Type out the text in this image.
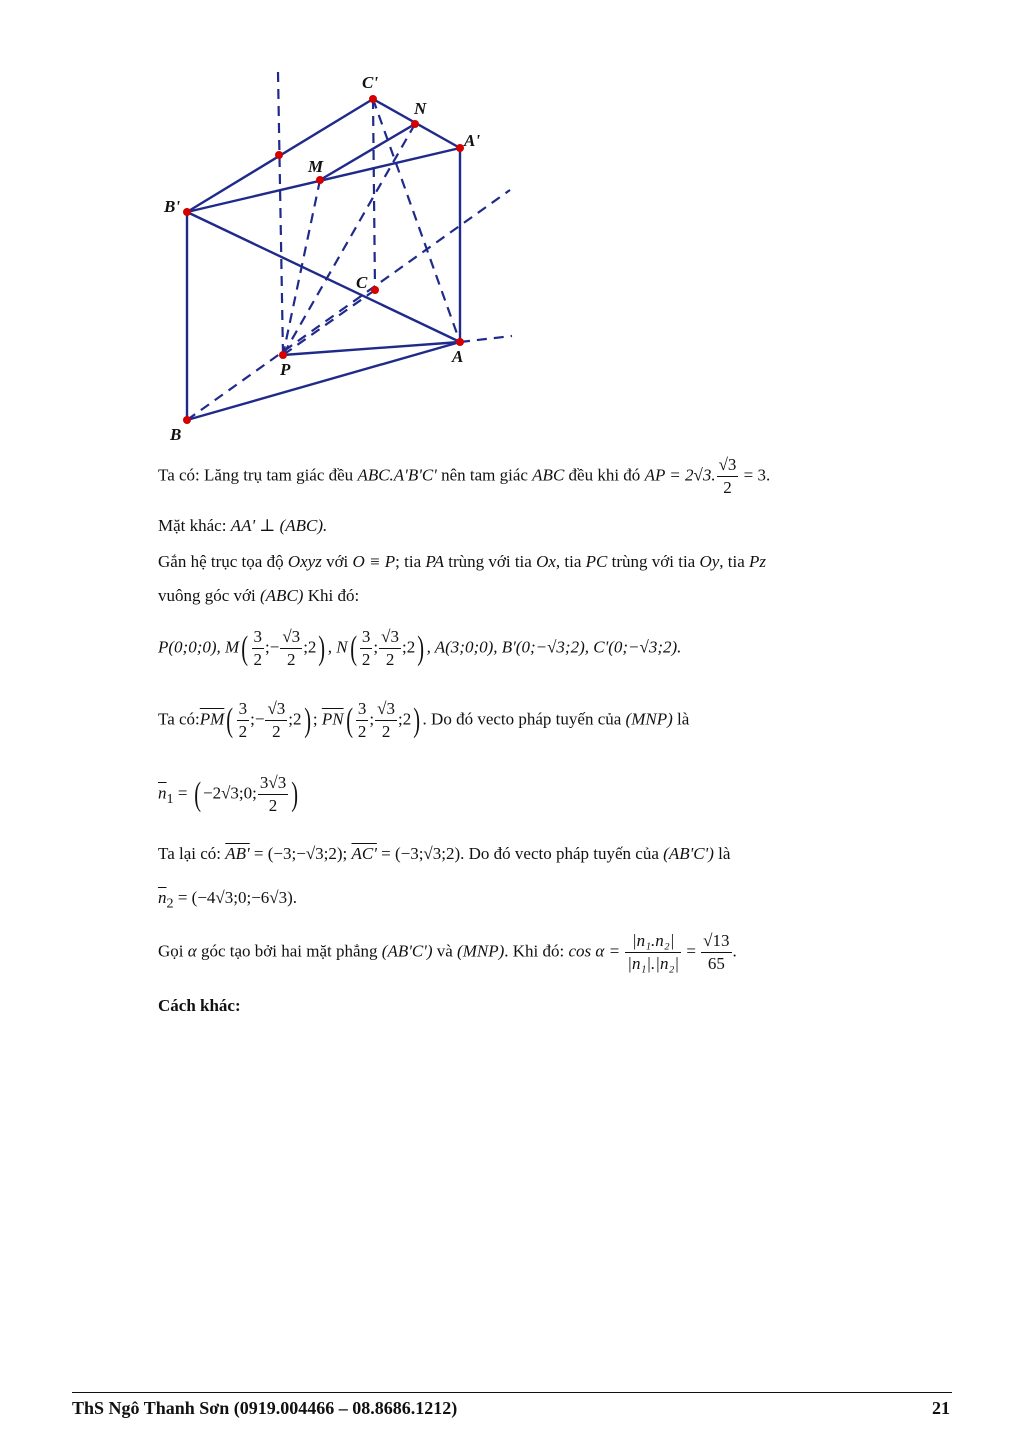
C'
N
A'
M
B'
C
P
A
B
Ta có: Lăng trụ tam giác đều ABC.A'B'C' nên tam giác ABC đều khi đó AP = 2√3. $\frac{√3}{2} = 3$.
Mặt khác: AA' ⊥ (ABC).
Gắn hệ trục tọa độ Oxyz với O ≡ P; tia PA trùng với tia Ox, tia PC trùng với tia Oy, tia Pz
vuông góc với (ABC) Khi đó:
P(0;0;0), $M( \frac{3}{2}$ ;− $\frac{√3}{2}$ ;2) , $N( \frac{3}{2}$ ; $\frac{√3}{2}$ ;2) , A(3;0;0), B'(0;−√3;2), C'(0;−√3;2).
Ta $có:\overline{PM}( \frac{3}{2}$ ;− $\frac{√3}{2}$ ;2) ; $\overline{PN}( \frac{3}{2}$ ; $\frac{√3}{2}$ ;2) . Do đó vecto pháp tuyến của (MNP) là
$\overline{n}_1$ = ( −2√3;0; $\frac{3√3}{2}$ )
Ta lại có: AB' = (−3;−√3;2); AC' = (−3;√3;2). Do đó vecto pháp tuyến của (AB'C') là
$\overline{n}_2$ = (−4√3;0;−6√3).
Gọi α góc tạo bởi hai mặt phẳng (AB'C') và (MNP). Khi đó: $\cos \alpha = \frac{\text{|n₁.n₂|}}{\text{|n₁|.|n₂|}} = \frac{√13}{65}$ .
Cách khác:
ThS Ngô Thanh Sơn (0919.004466 – 08.8686.1212)	21
